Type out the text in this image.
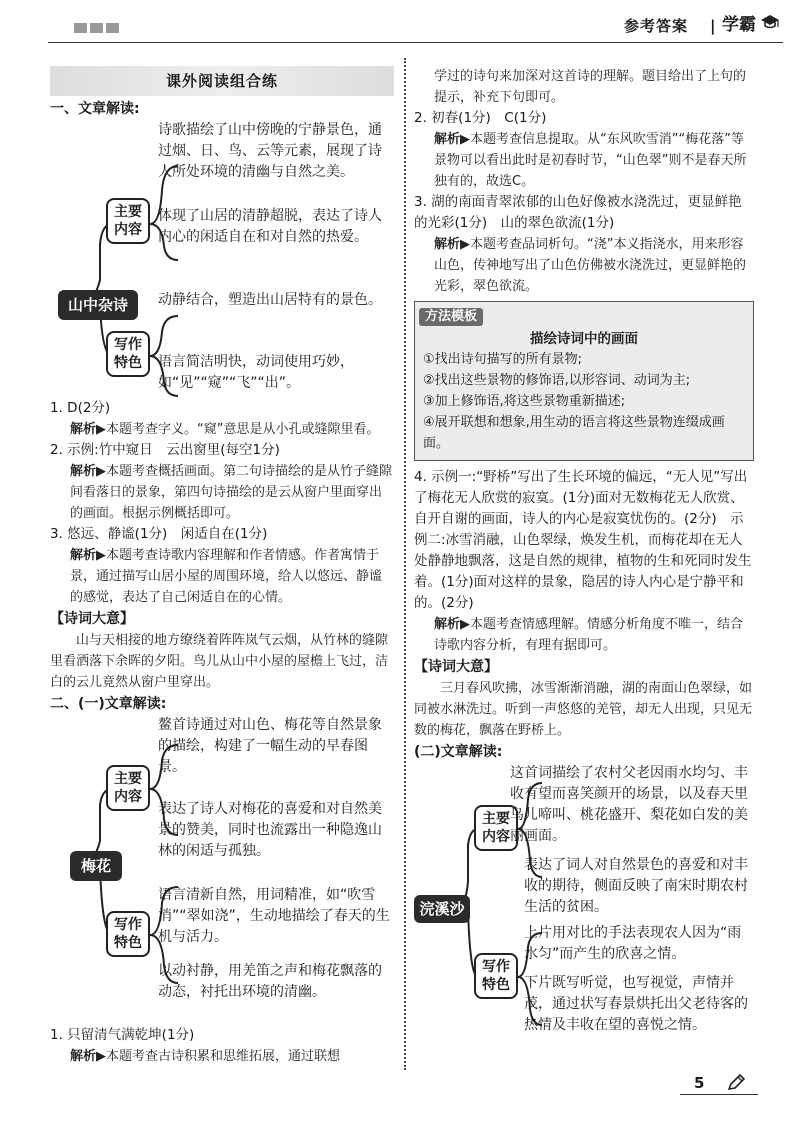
参考答案 | 学霸
课外阅读组合练
一、文章解读:
山中杂诗
主要
内容
写作
特色
诗歌描绘了山中傍晚的宁静景色，通过烟、日、鸟、云等元素，展现了诗人所处环境的清幽与自然之美。
体现了山居的清静超脱，表达了诗人内心的闲适自在和对自然的热爱。
动静结合，塑造出山居特有的景色。
语言简洁明快，动词使用巧妙，如“见”“窥”“飞”“出”。
1. D(2分)
解析▶本题考查字义。“窥”意思是从小孔或缝隙里看。
2. 示例:竹中窥日　云出窗里(每空1分)
解析▶本题考查概括画面。第二句诗描绘的是从竹子缝隙间看落日的景象，第四句诗描绘的是云从窗户里面穿出的画面。根据示例概括即可。
3. 悠远、静谧(1分)　闲适自在(1分)
解析▶本题考查诗歌内容理解和作者情感。作者寓情于景，通过描写山居小屋的周围环境，给人以悠远、静谧的感觉，表达了自己闲适自在的心情。
【诗词大意】
山与天相接的地方缭绕着阵阵岚气云烟，从竹林的缝隙里看洒落下余晖的夕阳。鸟儿从山中小屋的屋檐上飞过，洁白的云儿竟然从窗户里穿出。
二、(一)文章解读:
梅花
主要
内容
写作
特色
鳌首诗通过对山色、梅花等自然景象的描绘，构建了一幅生动的早春图景。
表达了诗人对梅花的喜爱和对自然美景的赞美，同时也流露出一种隐逸山林的闲适与孤独。
语言清新自然，用词精准，如“吹雪消”“翠如浇”，生动地描绘了春天的生机与活力。
以动衬静，用羌笛之声和梅花飘落的动态，衬托出环境的清幽。
1. 只留清气满乾坤(1分)
解析▶本题考查古诗积累和思维拓展，通过联想
学过的诗句来加深对这首诗的理解。题目给出了上句的提示，补充下句即可。
2. 初春(1分)　C(1分)
解析▶本题考查信息提取。从“东风吹雪消”“梅花落”等景物可以看出此时是初春时节，“山色翠”则不是春天所独有的，故选C。
3. 湖的南面青翠浓郁的山色好像被水浇洗过，更显鲜艳的光彩(1分)　山的翠色欲流(1分)
解析▶本题考查品词析句。“浇”本义指浇水，用来形容山色，传神地写出了山色仿佛被水浇洗过，更显鲜艳的光彩，翠色欲流。
方法模板
描绘诗词中的画面
①找出诗句描写的所有景物;
②找出这些景物的修饰语,以形容词、动词为主;
③加上修饰语,将这些景物重新描述;
④展开联想和想象,用生动的语言将这些景物连缀成画面。
4. 示例一:“野桥”写出了生长环境的偏远，“无人见”写出了梅花无人欣赏的寂寞。(1分)面对无数梅花无人欣赏、自开自谢的画面，诗人的内心是寂寞忧伤的。(2分)　示例二:冰雪消融，山色翠绿，焕发生机，而梅花却在无人处静静地飘落，这是自然的规律，植物的生和死同时发生着。(1分)面对这样的景象，隐居的诗人内心是宁静平和的。(2分)
解析▶本题考查情感理解。情感分析角度不唯一，结合诗歌内容分析，有理有据即可。
【诗词大意】
三月春风吹拂，冰雪渐渐消融，湖的南面山色翠绿，如同被水淋洗过。听到一声悠悠的羌管，却无人出现，只见无数的梅花，飘落在野桥上。
(二)文章解读:
浣溪沙
主要
内容
写作
特色
这首词描绘了农村父老因雨水均匀、丰收有望而喜笑颜开的场景，以及春天里鸟儿啼叫、桃花盛开、梨花如白发的美丽画面。
表达了词人对自然景色的喜爱和对丰收的期待，侧面反映了南宋时期农村生活的贫困。
上片用对比的手法表现农人因为“雨水匀”而产生的欣喜之情。
下片既写听觉，也写视觉，声情并茂，通过状写春景烘托出父老待客的热情及丰收在望的喜悦之情。
5
